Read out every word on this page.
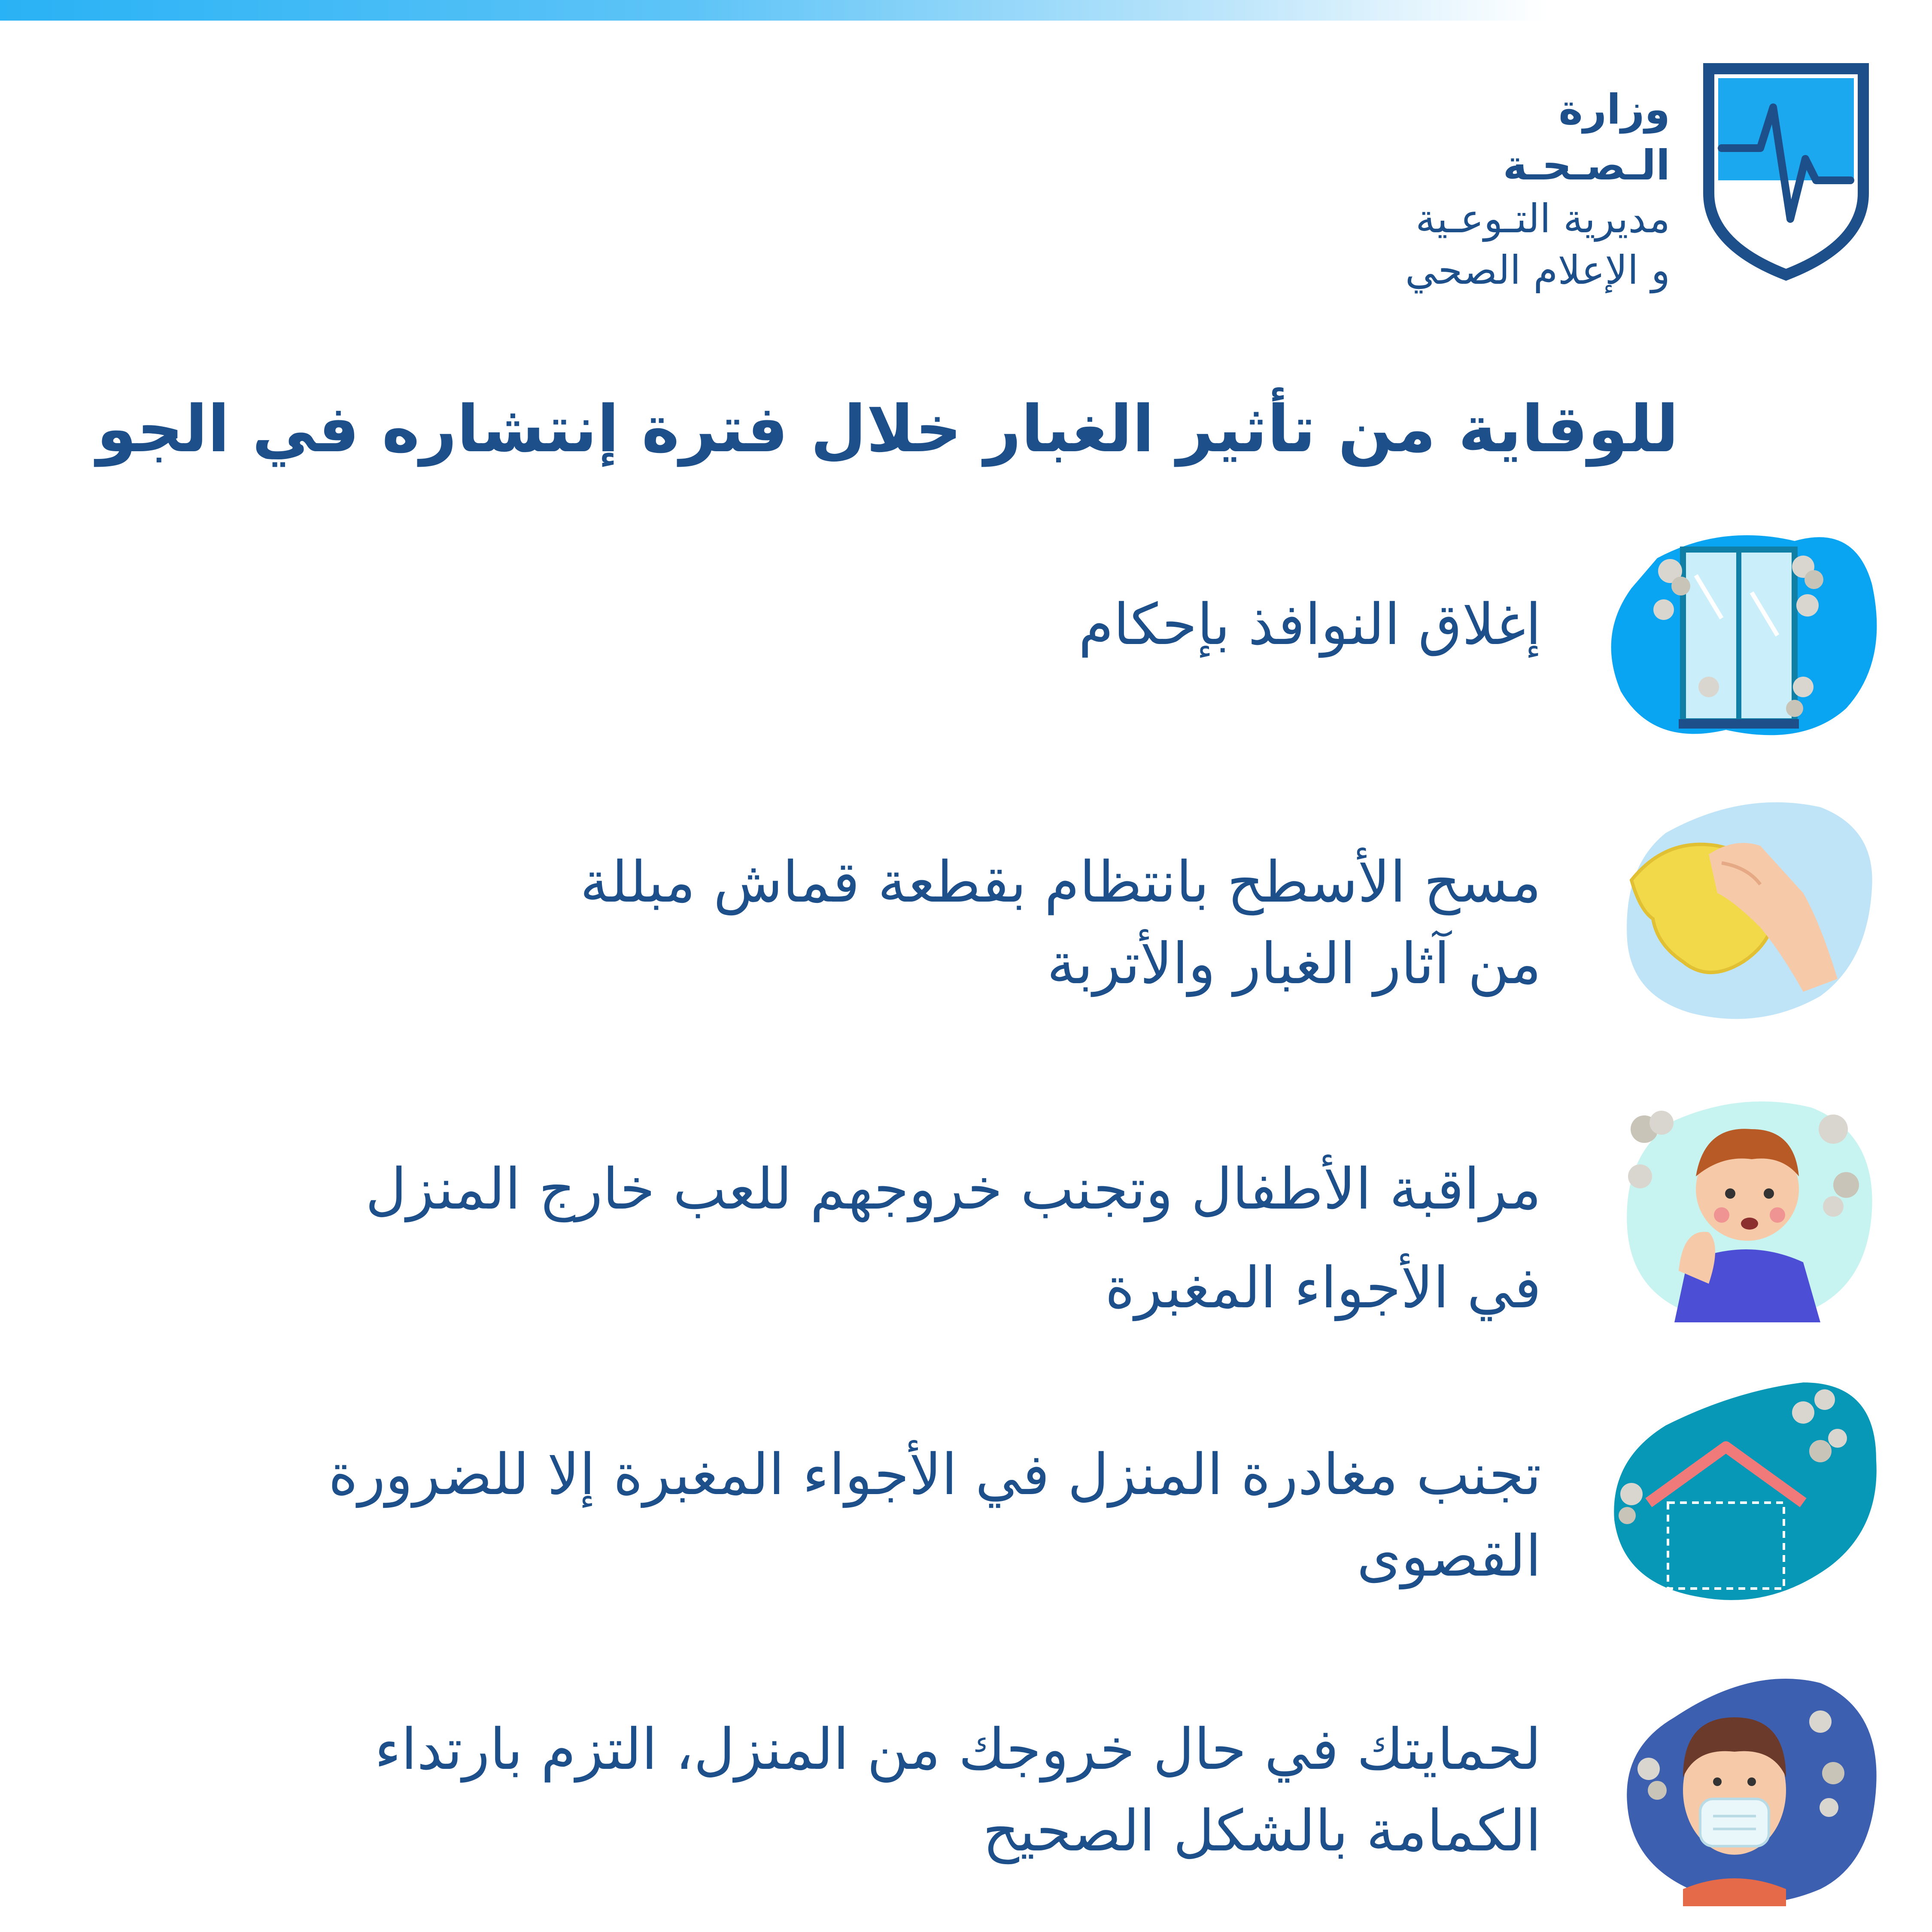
وزارة الـصـحـة
مديرية التـوعـية
و الإعلام الصحي
للوقاية من تأثير الغبار خلال فترة إنتشاره في الجو
إغلاق النوافذ بإحكام
مسح الأسطح بانتظام بقطعة قماش مبللة
من آثار الغبار والأتربة
مراقبة الأطفال وتجنب خروجهم للعب خارج المنزل
في الأجواء المغبرة
تجنب مغادرة المنزل في الأجواء المغبرة إلا للضرورة
القصوى
لحمايتك في حال خروجك من المنزل، التزم بارتداء
الكمامة بالشكل الصحيح
